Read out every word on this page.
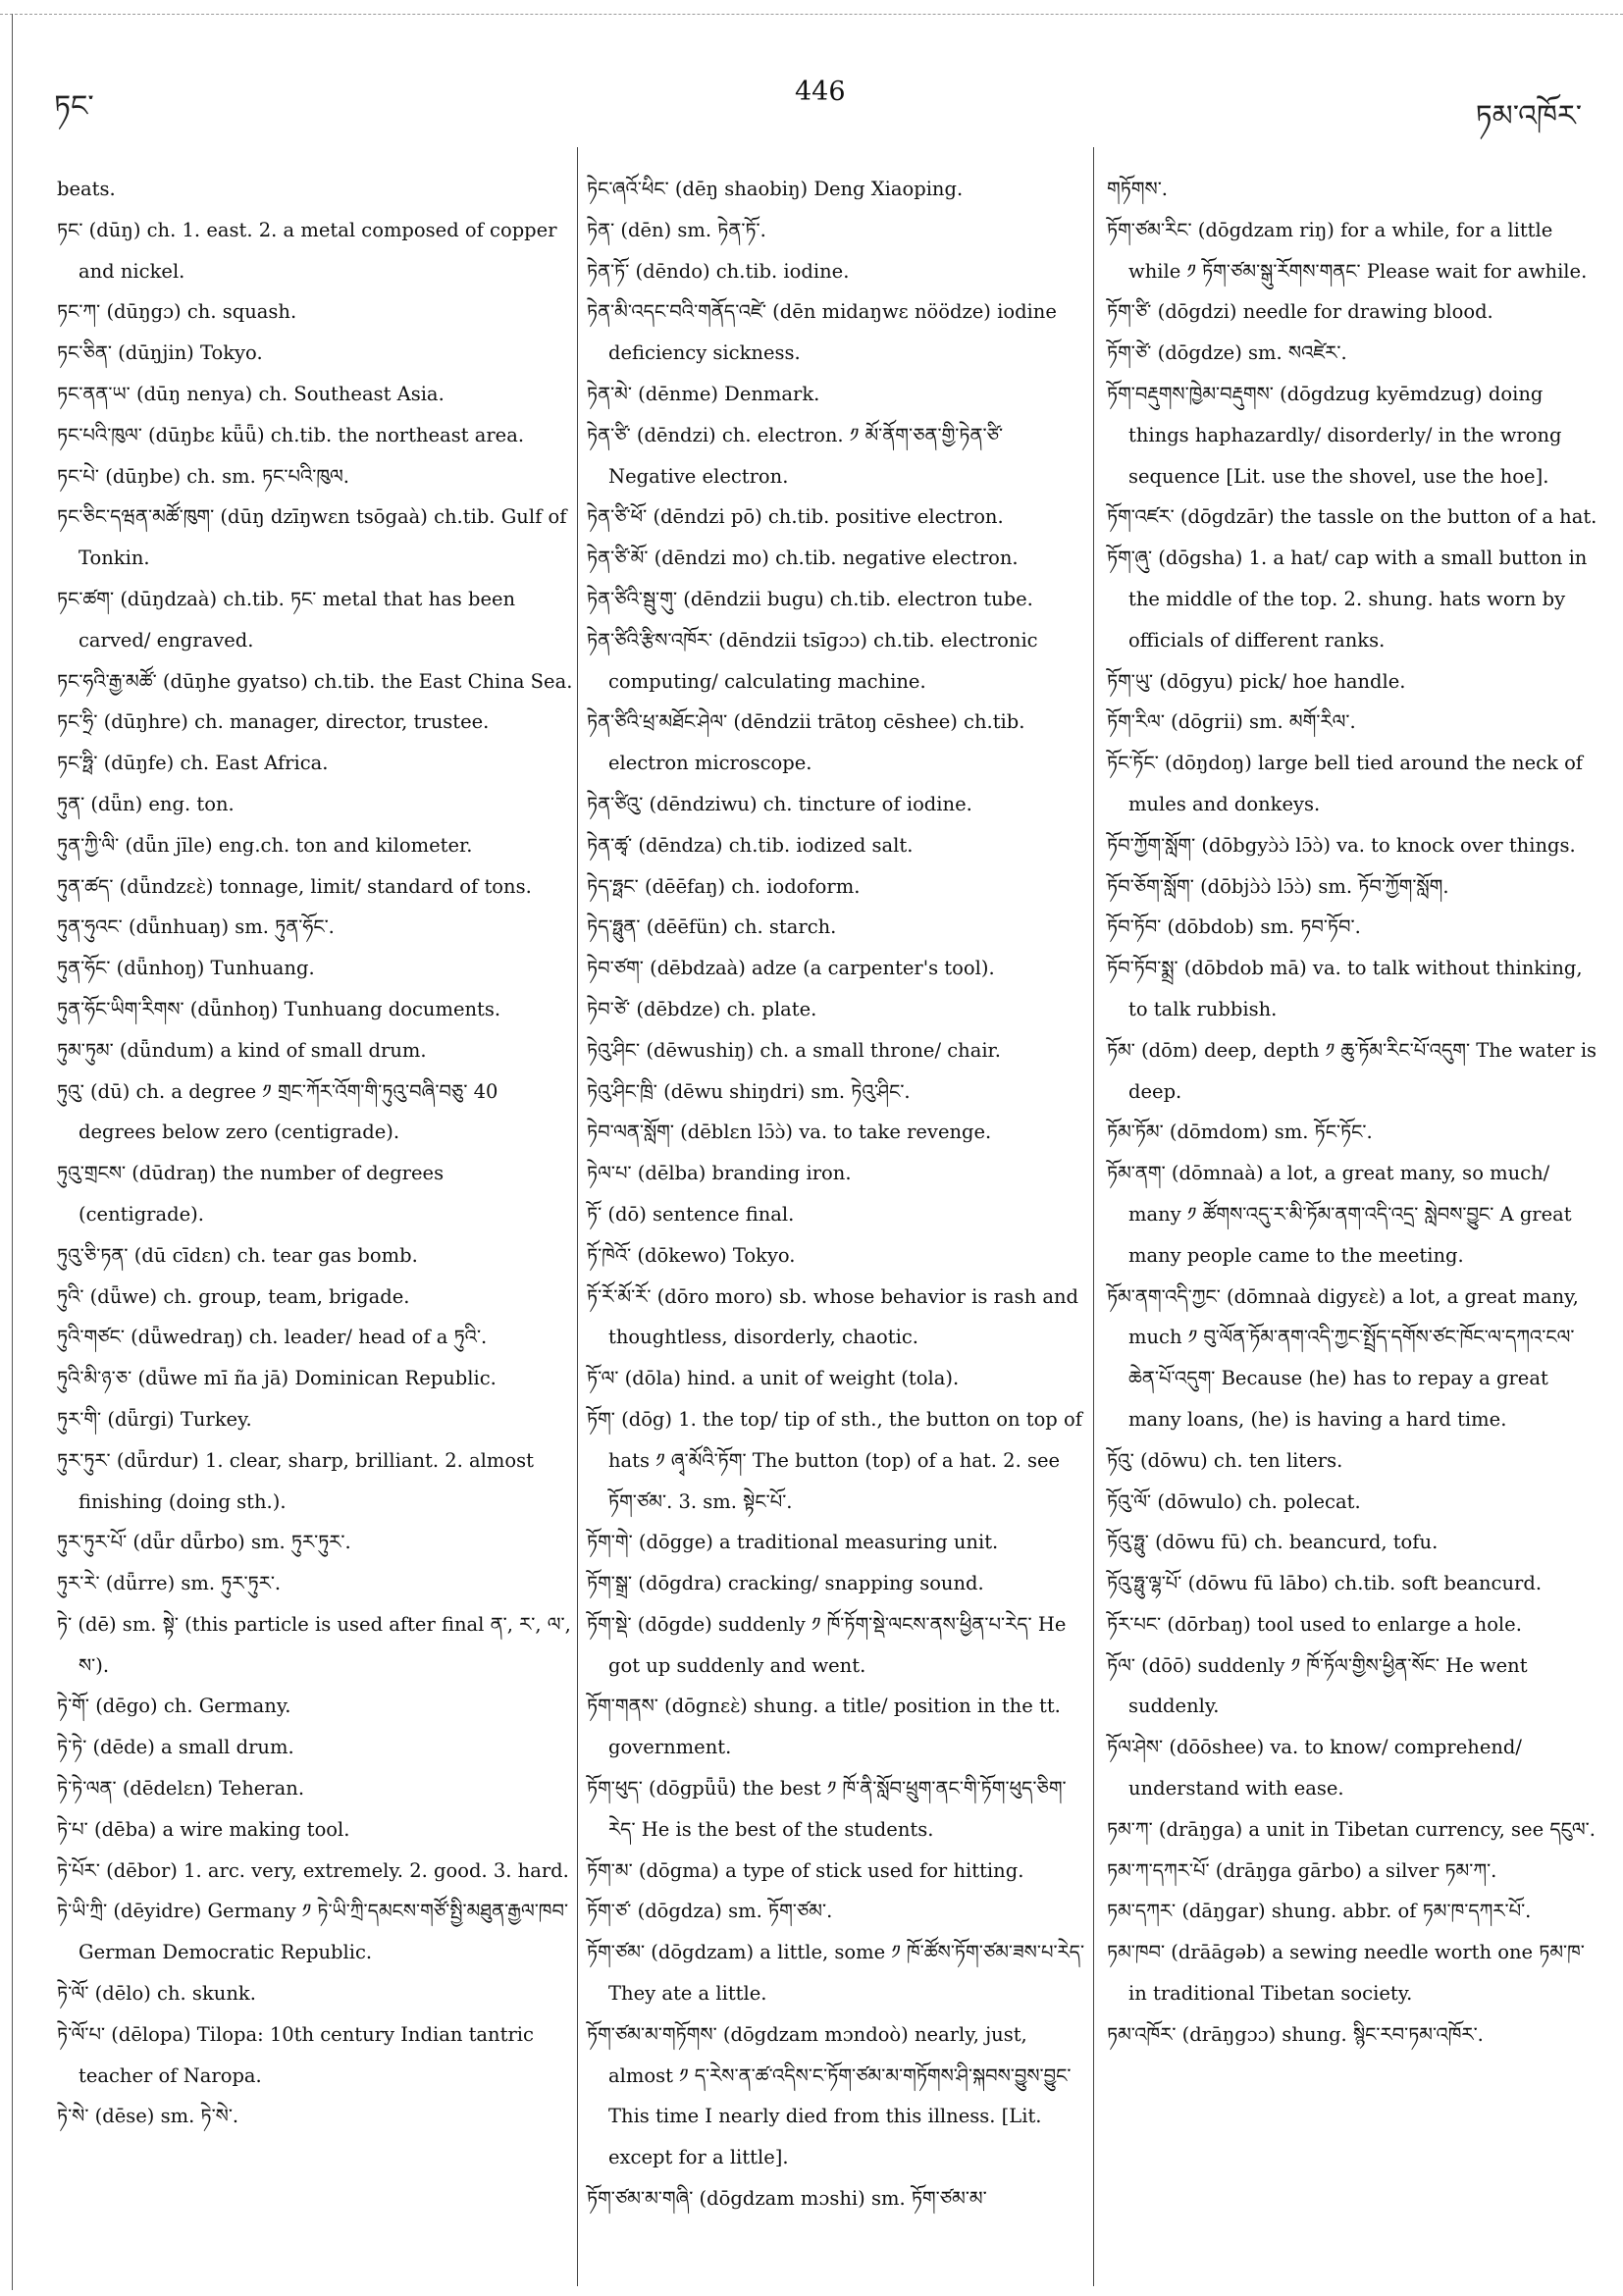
ཏང་	446
ཏམ་འཁོར་

beats.

ཏང་ (dūŋ) ch. 1. east. 2. a metal composed of copper and nickel.

ཏང་ཀ་ (dūŋgɔ) ch. squash.

ཏང་ཅིན་ (dūŋjin) Tokyo.

ཏང་ནན་ཡ་ (dūŋ nenya) ch. Southeast Asia.

ཏང་པའི་ཁུལ་ (dūŋbɛ kǖǖ) ch.tib. the northeast area.

ཏང་པེ་ (dūŋbe) ch. sm. ཏང་པའི་ཁུལ.

ཏང་ཅིང་དཝན་མཚོ་ཁུག་ (dūŋ dzīŋwɛn tsōgaà) ch.tib. Gulf of Tonkin.

ཏང་ཚག་ (dūŋdzaà) ch.tib. ཏང་ metal that has been carved/ engraved.

ཏང་ཧའི་རྒྱ་མཚོ་ (dūŋhe gyatso) ch.tib. the East China Sea.

ཏང་ཧྲི་ (dūŋhre) ch. manager, director, trustee.

ཏང་ཧྥི་ (dūŋfe) ch. East Africa.

ཏུན་ (dǖn) eng. ton.

ཏུན་ཀྱི་ལི་ (dǖn jīle) eng.ch. ton and kilometer.

ཏུན་ཚད་ (dǖndzɛɛ̀) tonnage, limit/ standard of tons.

ཏུན་ཧུའང་ (dǖnhuaŋ) sm. ཏུན་ཧོང་.

ཏུན་ཧོང་ (dǖnhoŋ) Tunhuang.

ཏུན་ཧོང་ཡིག་རིགས་ (dǖnhoŋ) Tunhuang documents.

ཏུམ་ཏུམ་ (dǖndum) a kind of small drum.

ཏུའུ་ (dū) ch. a degree ༡ གྲང་ཀོར་འོག་གི་ཏུའུ་བཞི་བཅུ་ 40 degrees below zero (centigrade).

ཏུའུ་གྲངས་ (dūdraŋ) the number of degrees (centigrade).

ཏུའུ་ཅི་ཏན་ (dū cīdɛn) ch. tear gas bomb.

ཏུའི་ (dǖwe) ch. group, team, brigade.

ཏུའི་གཙང་ (dǖwedraŋ) ch. leader/ head of a ཏུའི་.

ཏུའི་མི་ཉ་ཅ་ (dǖwe mī ña jā) Dominican Republic.

ཏུར་གི་ (dǖrgi) Turkey.

ཏུར་ཏུར་ (dǖrdur) 1. clear, sharp, brilliant. 2. almost finishing (doing sth.).

ཏུར་ཏུར་པོ་ (dǖr dǖrbo) sm. ཏུར་ཏུར་.

ཏུར་རེ་ (dǖrre) sm. ཏུར་ཏུར་.

ཏེ་ (dē) sm. སྟེ་ (this particle is used after final ན་, ར་, ལ་, ས་).

ཏེ་གོ་ (dēgo) ch. Germany.

ཏེ་ཏེ་ (dēde) a small drum.

ཏེ་ཏེ་ལན་ (dēdelɛn) Teheran.

ཏེ་པ་ (dēba) a wire making tool.

ཏེ་པོར་ (dēbor) 1. arc. very, extremely. 2. good. 3. hard.

ཏེ་ཡི་ཀྲི་ (dēyidre) Germany ༡ ཏེ་ཡི་ཀྲི་དམངས་གཙོ་སྤྱི་མཐུན་རྒྱལ་ཁབ་ German Democratic Republic.

ཏེ་ལོ་ (dēlo) ch. skunk.

ཏེ་ལོ་པ་ (dēlopa) Tilopa: 10th century Indian tantric teacher of Naropa.

ཏེ་སེ་ (dēse) sm. ཏེ་སེ་.

ཏེང་ཞའོ་ཕིང་ (dēŋ shaobiŋ) Deng Xiaoping.

ཏེན་ (dēn) sm. ཏེན་ཏོ་.

ཏེན་ཏོ་ (dēndo) ch.tib. iodine.

ཏེན་མི་འདང་བའི་གནོད་འཛེ་ (dēn midaŋwɛ nöödze) iodine deficiency sickness.

ཏེན་མེ་ (dēnme) Denmark.

ཏེན་ཙི་ (dēndzi) ch. electron. ༡ མོ་ནོག་ཅན་གྱི་ཏེན་ཙི་ Negative electron.

ཏེན་ཙི་ཕོ་ (dēndzi pō) ch.tib. positive electron.

ཏེན་ཙི་མོ་ (dēndzi mo) ch.tib. negative electron.

ཏེན་ཙིའི་སྦུ་གུ་ (dēndzii bugu) ch.tib. electron tube.

ཏེན་ཙིའི་རྩིས་འཁོར་ (dēndzii tsīgɔɔ) ch.tib. electronic computing/ calculating machine.

ཏེན་ཙིའི་ཕྲ་མཐོང་ཤེལ་ (dēndzii trātoŋ cēshee) ch.tib. electron microscope.

ཏེན་ཙིའུ་ (dēndziwu) ch. tincture of iodine.

ཏེན་ཚྭ་ (dēndza) ch.tib. iodized salt.

ཏེད་ཧྥང་ (dēēfaŋ) ch. iodoform.

ཏེད་ཧྥུན་ (dēēfün) ch. starch.

ཏེབ་ཙག་ (dēbdzaà) adze (a carpenter's tool).

ཏེབ་ཙེ་ (dēbdze) ch. plate.

ཏེའུ་ཤིང་ (dēwushiŋ) ch. a small throne/ chair.

ཏེའུ་ཤིང་ཁྲི་ (dēwu shiŋdri) sm. ཏེའུ་ཤིང་.

ཏེབ་ལན་སློག་ (dēblɛn lɔ̄ɔ̀) va. to take revenge.

ཏེལ་པ་ (dēlba) branding iron.

ཏོ་ (dō) sentence final.

ཏོ་ཁེའོ་ (dōkewo) Tokyo.

ཏོ་རོ་མོ་རོ་ (dōro moro) sb. whose behavior is rash and thoughtless, disorderly, chaotic.

ཏོ་ལ་ (dōla) hind. a unit of weight (tola).

ཏོག་ (dōg) 1. the top/ tip of sth., the button on top of hats ༡ ཞྭ་མོའི་ཏོག་ The button (top) of a hat. 2. see ཏོག་ཙམ་. 3. sm. སྟེང་པོ་.

ཏོག་གེ་ (dōgge) a traditional measuring unit.

ཏོག་སྒྲ་ (dōgdra) cracking/ snapping sound.

ཏོག་སྡེ་ (dōgde) suddenly ༡ ཁོ་ཏོག་སྡེ་ལངས་ནས་ཕྱིན་པ་རེད་ He got up suddenly and went.

ཏོག་གནས་ (dōgnɛɛ̀) shung. a title/ position in the tt. government.

ཏོག་ཕུད་ (dōgpǖǖ) the best ༡ ཁོ་ནི་སློབ་ཕྲུག་ནང་གི་ཏོག་ཕུད་ཅིག་རེད་ He is the best of the students.

ཏོག་མ་ (dōgma) a type of stick used for hitting.

ཏོག་ཙ་ (dōgdza) sm. ཏོག་ཙམ་.

ཏོག་ཙམ་ (dōgdzam) a little, some ༡ ཁོ་ཚོས་ཏོག་ཙམ་ཟས་པ་རེད་ They ate a little.

ཏོག་ཙམ་མ་གཏོགས་ (dōgdzam mɔndoò) nearly, just, almost ༡ ད་རེས་ན་ཚ་འདིས་ང་ཏོག་ཙམ་མ་གཏོགས་ཤི་སྐབས་བྱུས་བྱུང་ This time I nearly died from this illness. [Lit. except for a little].

ཏོག་ཙམ་མ་གཞི་ (dōgdzam mɔshi) sm. ཏོག་ཙམ་མ་

གཏོགས་.

ཏོག་ཙམ་རིང་ (dōgdzam riŋ) for a while, for a little while ༡ ཏོག་ཙམ་སྒུ་རོགས་གནང་ Please wait for awhile.

ཏོག་ཙི་ (dōgdzi) needle for drawing blood.

ཏོག་ཙེ་ (dōgdze) sm. སའཛེར་.

ཏོག་བརྡུགས་ཁྱེམ་བརྡུགས་ (dōgdzug kyēmdzug) doing things haphazardly/ disorderly/ in the wrong sequence [Lit. use the shovel, use the hoe].

ཏོག་འཛར་ (dōgdzār) the tassle on the button of a hat.

ཏོག་ཞུ་ (dōgsha) 1. a hat/ cap with a small button in the middle of the top. 2. shung. hats worn by officials of different ranks.

ཏོག་ཡུ་ (dōgyu) pick/ hoe handle.

ཏོག་རིལ་ (dōgrii) sm. མགོ་རིལ་.

ཏོང་ཏོང་ (dōŋdoŋ) large bell tied around the neck of mules and donkeys.

ཏོབ་ཀྱོག་སློག་ (dōbgyɔ̀ɔ̀ lɔ̄ɔ̀) va. to knock over things.

ཏོབ་ཅོག་སློག་ (dōbjɔ̀ɔ̀ lɔ̄ɔ̀) sm. ཏོབ་ཀྱོག་སློག.

ཏོབ་ཏོབ་ (dōbdob) sm. ཏབ་ཏོབ་.

ཏོབ་ཏོབ་སྨྲ་ (dōbdob mā) va. to talk without thinking, to talk rubbish.

ཏོམ་ (dōm) deep, depth ༡ ཆུ་ཏོམ་རིང་པོ་འདུག་ The water is deep.

ཏོམ་ཏོམ་ (dōmdom) sm. ཏོང་ཏོང་.

ཏོམ་ནག་ (dōmnaà) a lot, a great many, so much/ many ༡ ཚོགས་འདུ་ར་མི་ཏོམ་ནག་འདི་འདྲ་ སླེབས་བྱུང་ A great many people came to the meeting.

ཏོམ་ནག་འདི་ཀྱང་ (dōmnaà digyɛɛ̀) a lot, a great many, much ༡ བུ་ལོན་ཏོམ་ནག་འདི་ཀྱང་སྤྲོད་དགོས་ཙང་ཁོང་ལ་དཀའ་ངལ་ཆེན་པོ་འདུག་ Because (he) has to repay a great many loans, (he) is having a hard time.

ཏོའུ་ (dōwu) ch. ten liters.

ཏོའུ་ལོ་ (dōwulo) ch. polecat.

ཏོའུ་ཧྥུ་ (dōwu fū) ch. beancurd, tofu.

ཏོའུ་ཧྥུ་ལྷ་པོ་ (dōwu fū lābo) ch.tib. soft beancurd.

ཏོར་པང་ (dōrbaŋ) tool used to enlarge a hole.

ཏོལ་ (dōō) suddenly ༡ ཁོ་ཏོལ་གྱིས་ཕྱིན་སོང་ He went suddenly.

ཏོལ་ཤེས་ (dōōshee) va. to know/ comprehend/ understand with ease.

ཏམ་ཀ་ (drāŋga) a unit in Tibetan currency, see དངུལ་.

ཏམ་ཀ་དཀར་པོ་ (drāŋga gārbo) a silver ཏམ་ཀ་.

ཏམ་དཀར་ (dāŋgar) shung. abbr. of ཏམ་ཁ་དཀར་པོ་.

ཏམ་ཁབ་ (drāāgəb) a sewing needle worth one ཏམ་ཁ་ in traditional Tibetan society.

ཏམ་འཁོར་ (drāŋgɔɔ) shung. སྙིང་རབ་ཏམ་འཁོར་.
